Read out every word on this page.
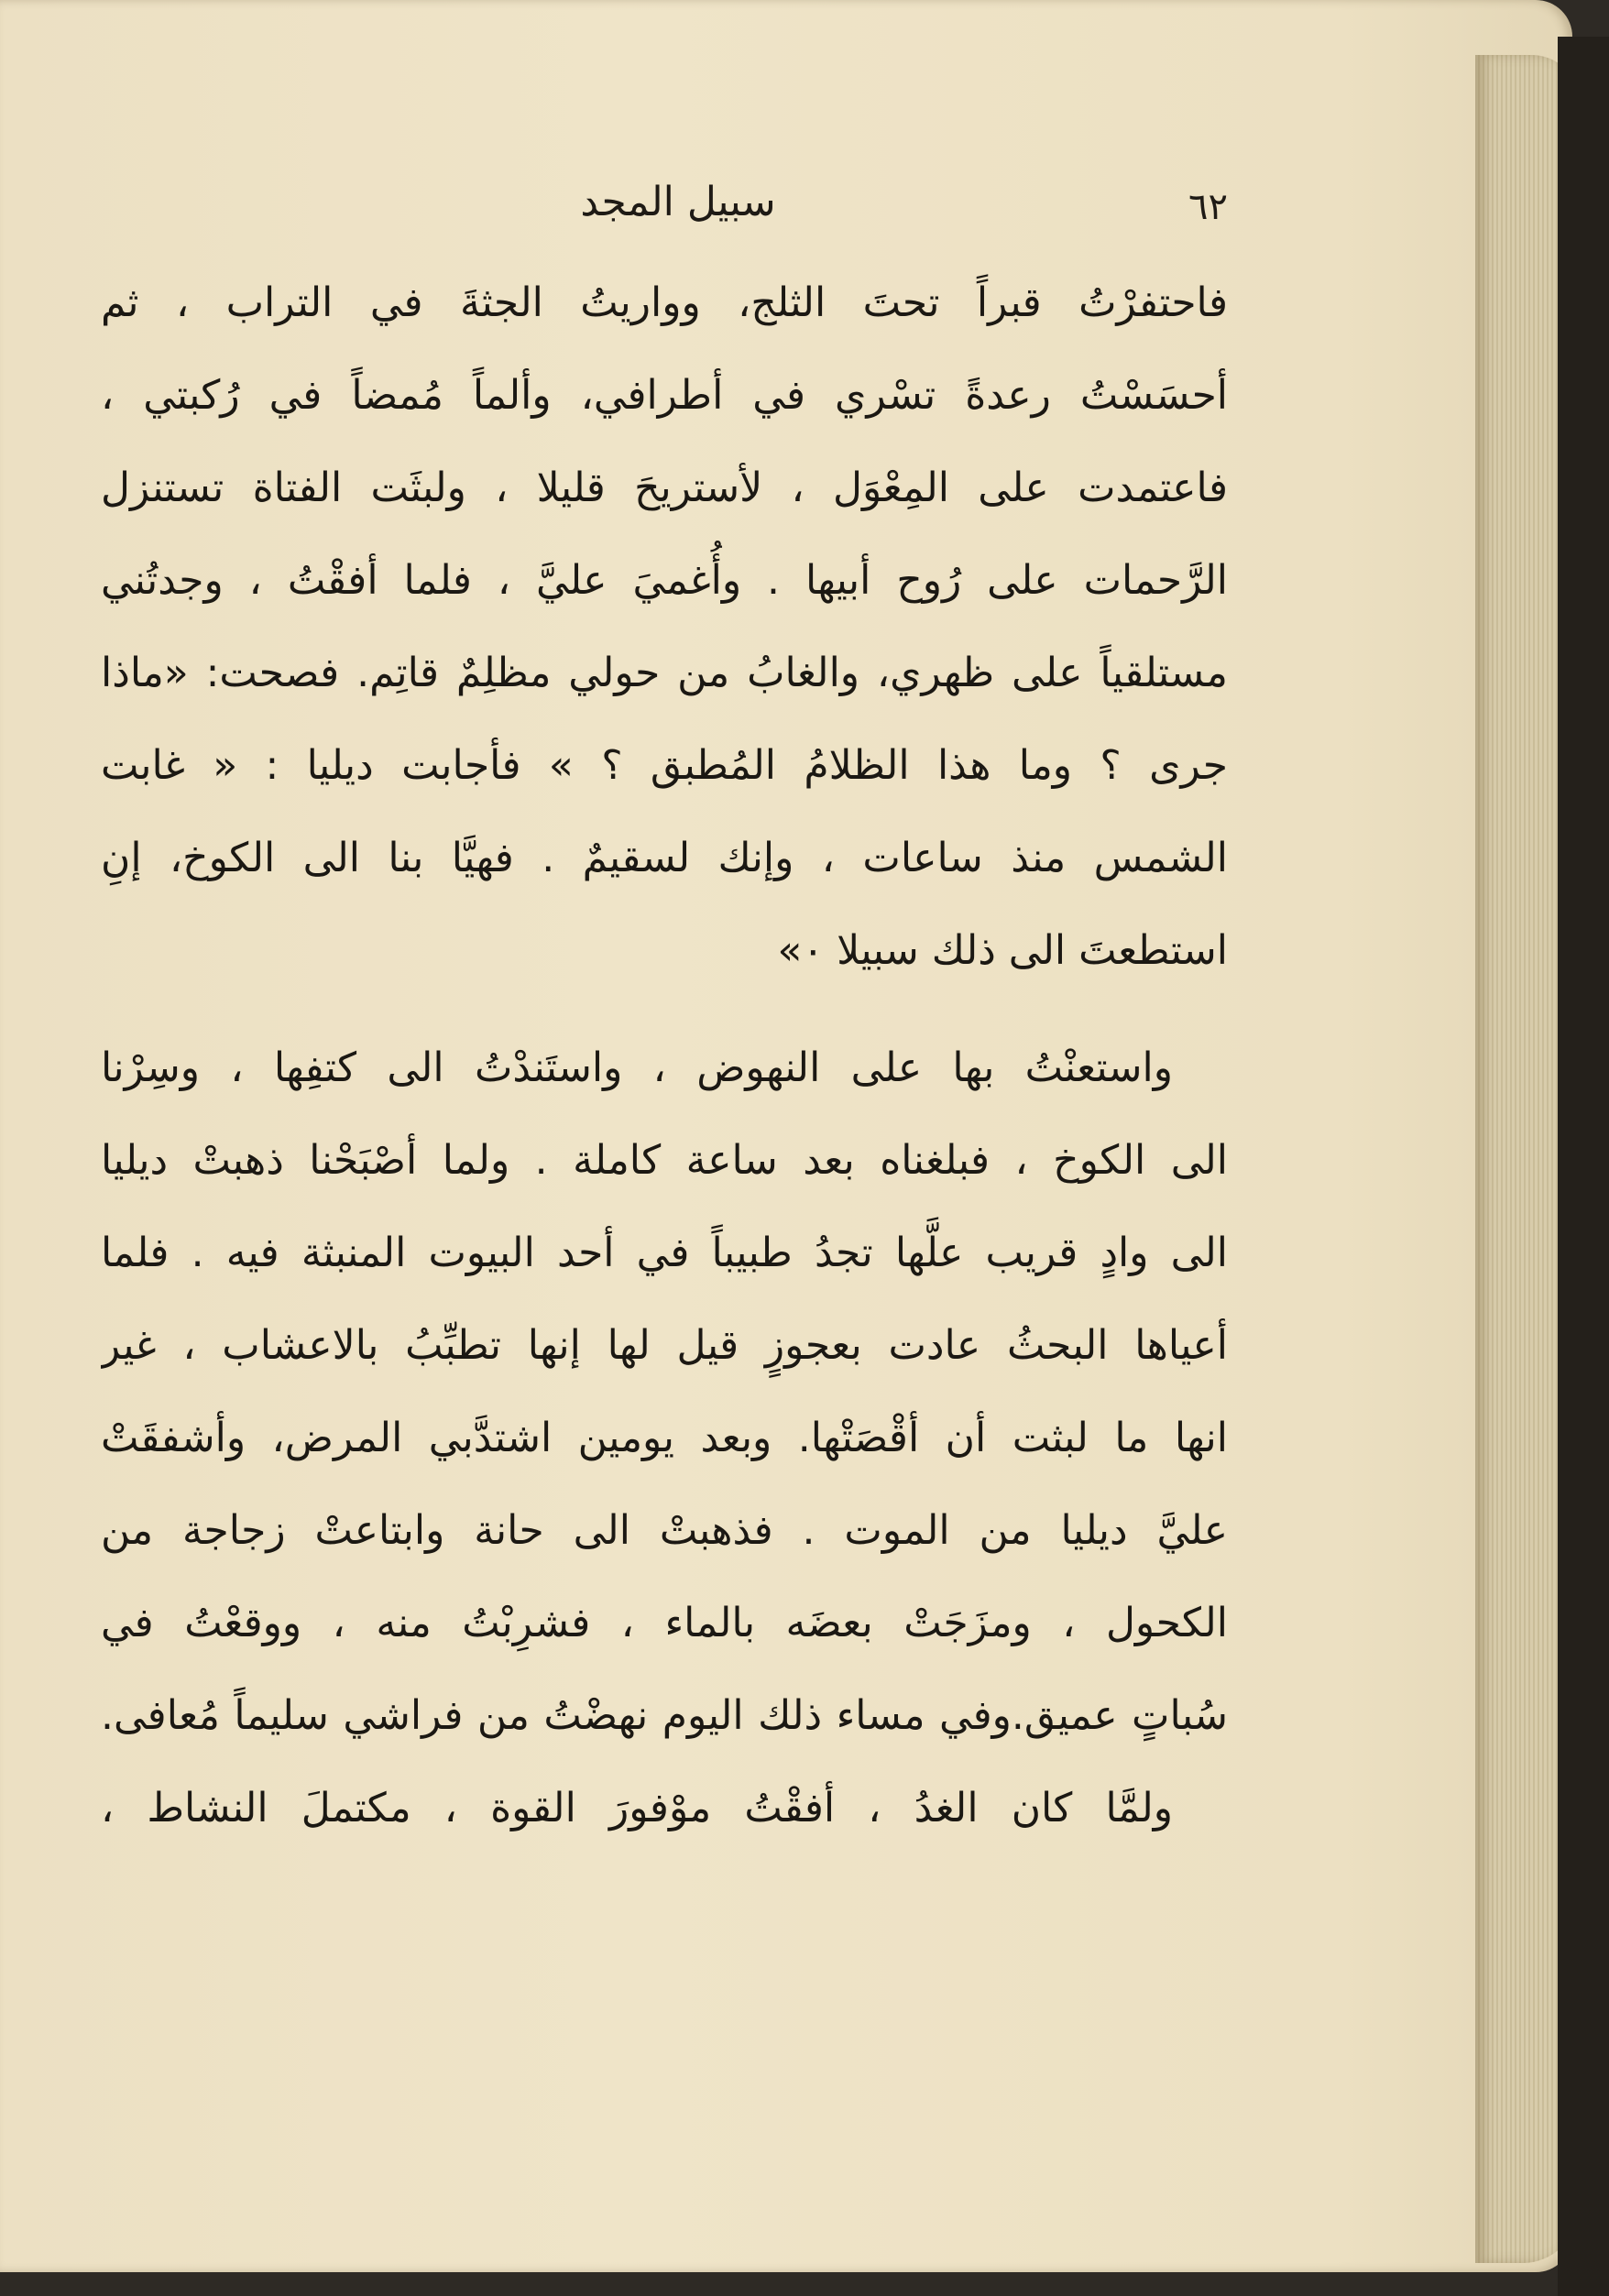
سبيل المجد	٦٢
فاحتفرْتُ قبراً تحتَ الثلج، وواريتُ الجثةَ في التراب ، ثم
أحسَسْتُ رعدةً تسْري في أطرافي، وألماً مُمضاً في رُكبتي ،
فاعتمدت على المِعْوَل ، لأستريحَ قليلا ، ولبثَت الفتاة تستنزل
الرَّحمات على رُوح أبيها . وأُغميَ عليَّ ، فلما أفقْتُ ، وجدتُني
مستلقياً على ظهري، والغابُ من حولي مظلِمٌ قاتِم. فصحت: «ماذا
جرى ؟ وما هذا الظلامُ المُطبق ؟ » فأجابت ديليا : « غابت
الشمس منذ ساعات ، وإنك لسقيمٌ . فهيَّا بنا الى الكوخ، إنِ
استطعتَ الى ذلك سبيلا ٠»
واستعنْتُ بها على النهوض ، واستَندْتُ الى كتفِها ، وسِرْنا
الى الكوخ ، فبلغناه بعد ساعة كاملة . ولما أصْبَحْنا ذهبتْ ديليا
الى وادٍ قريب علَّها تجدُ طبيباً في أحد البيوت المنبثة فيه . فلما
أعياها البحثُ عادت بعجوزٍ قيل لها إنها تطبِّبُ بالاعشاب ، غير
انها ما لبثت أن أقْصَتْها. وبعد يومين اشتدَّبي المرض، وأشفقَتْ
عليَّ ديليا من الموت . فذهبتْ الى حانة وابتاعتْ زجاجة من
الكحول ، ومزَجَتْ بعضَه بالماء ، فشرِبْتُ منه ، ووقعْتُ في
سُباتٍ عميق.وفي مساء ذلك اليوم نهضْتُ من فراشي سليماً مُعافى.
ولمَّا كان الغدُ ، أفقْتُ موْفورَ القوة ، مكتملَ النشاط ،
